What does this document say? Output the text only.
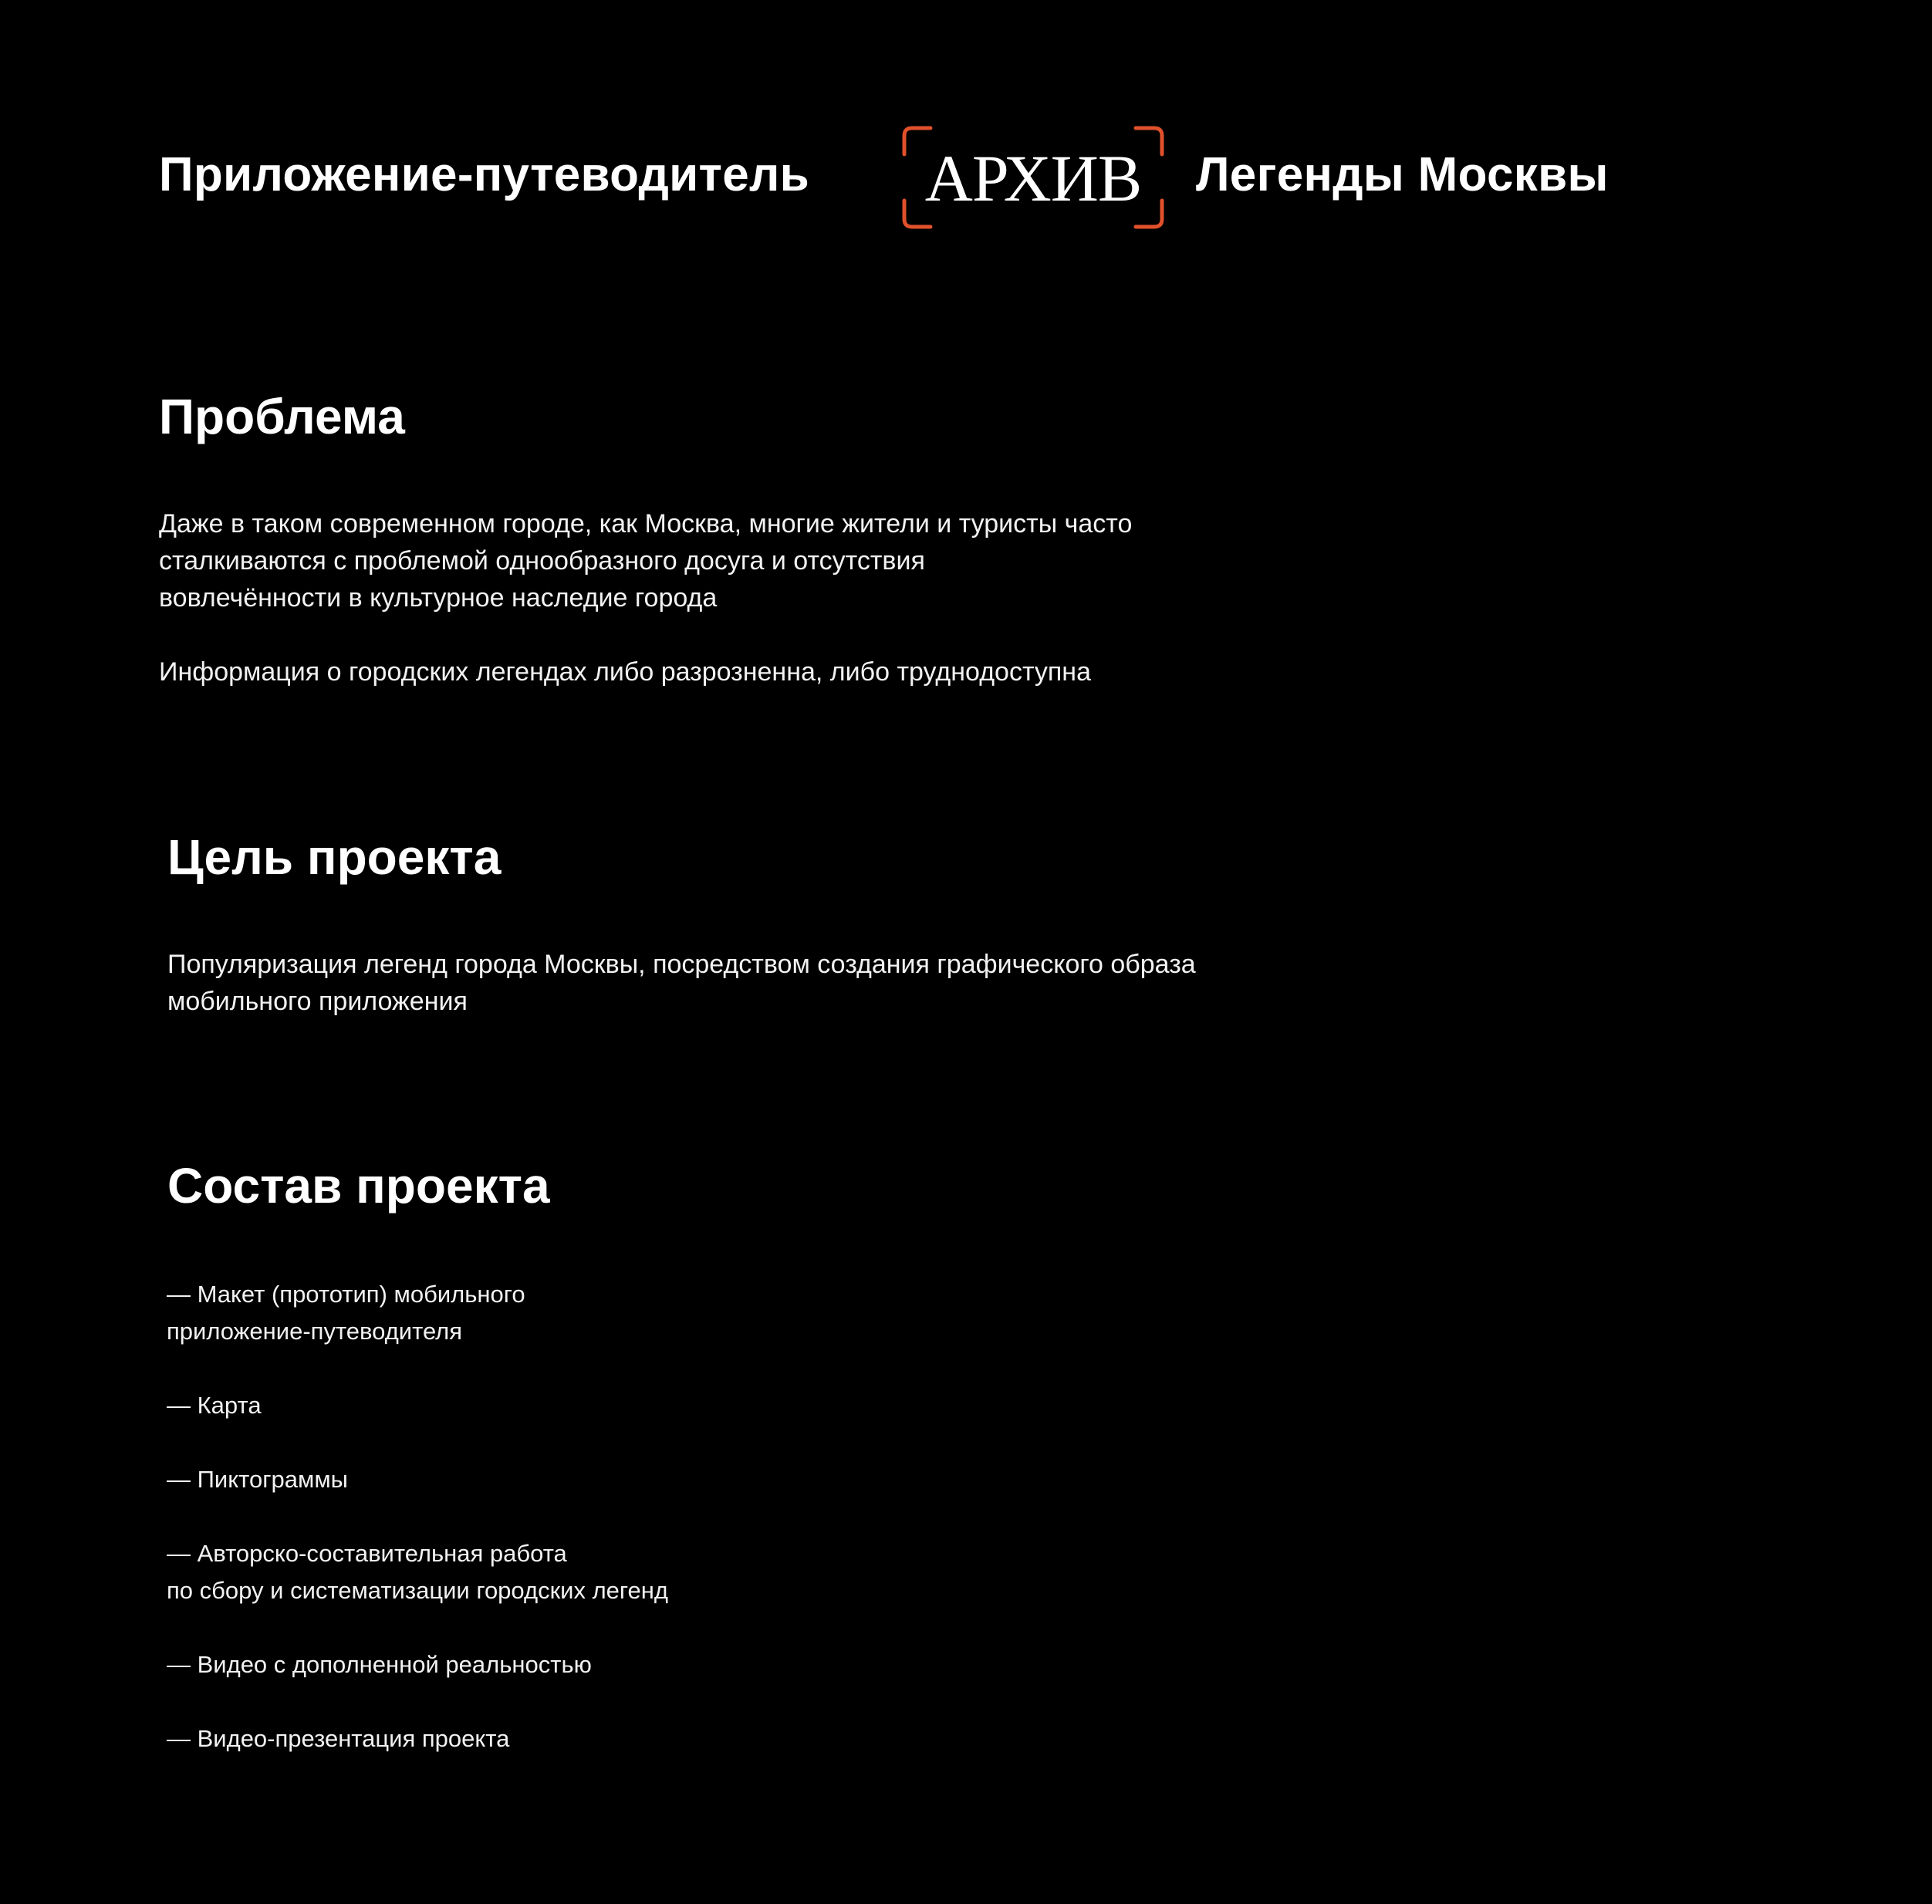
Приложение-путеводитель	АРХИВ	Легенды Москвы
Проблема
Даже в таком современном городе, как Москва, многие жители и туристы часто
сталкиваются с проблемой однообразного досуга и отсутствия
вовлечённости в культурное наследие города
Информация о городских легендах либо разрозненна, либо труднодоступна
Цель проекта
Популяризация легенд города Москвы, посредством создания графического образа
мобильного приложения
Состав проекта
— Макет (прототип) мобильного
приложение-путеводителя
— Карта
— Пиктограммы
— Авторско-составительная работа
по сбору и систематизации городских легенд
— Видео с дополненной реальностью
— Видео-презентация проекта
